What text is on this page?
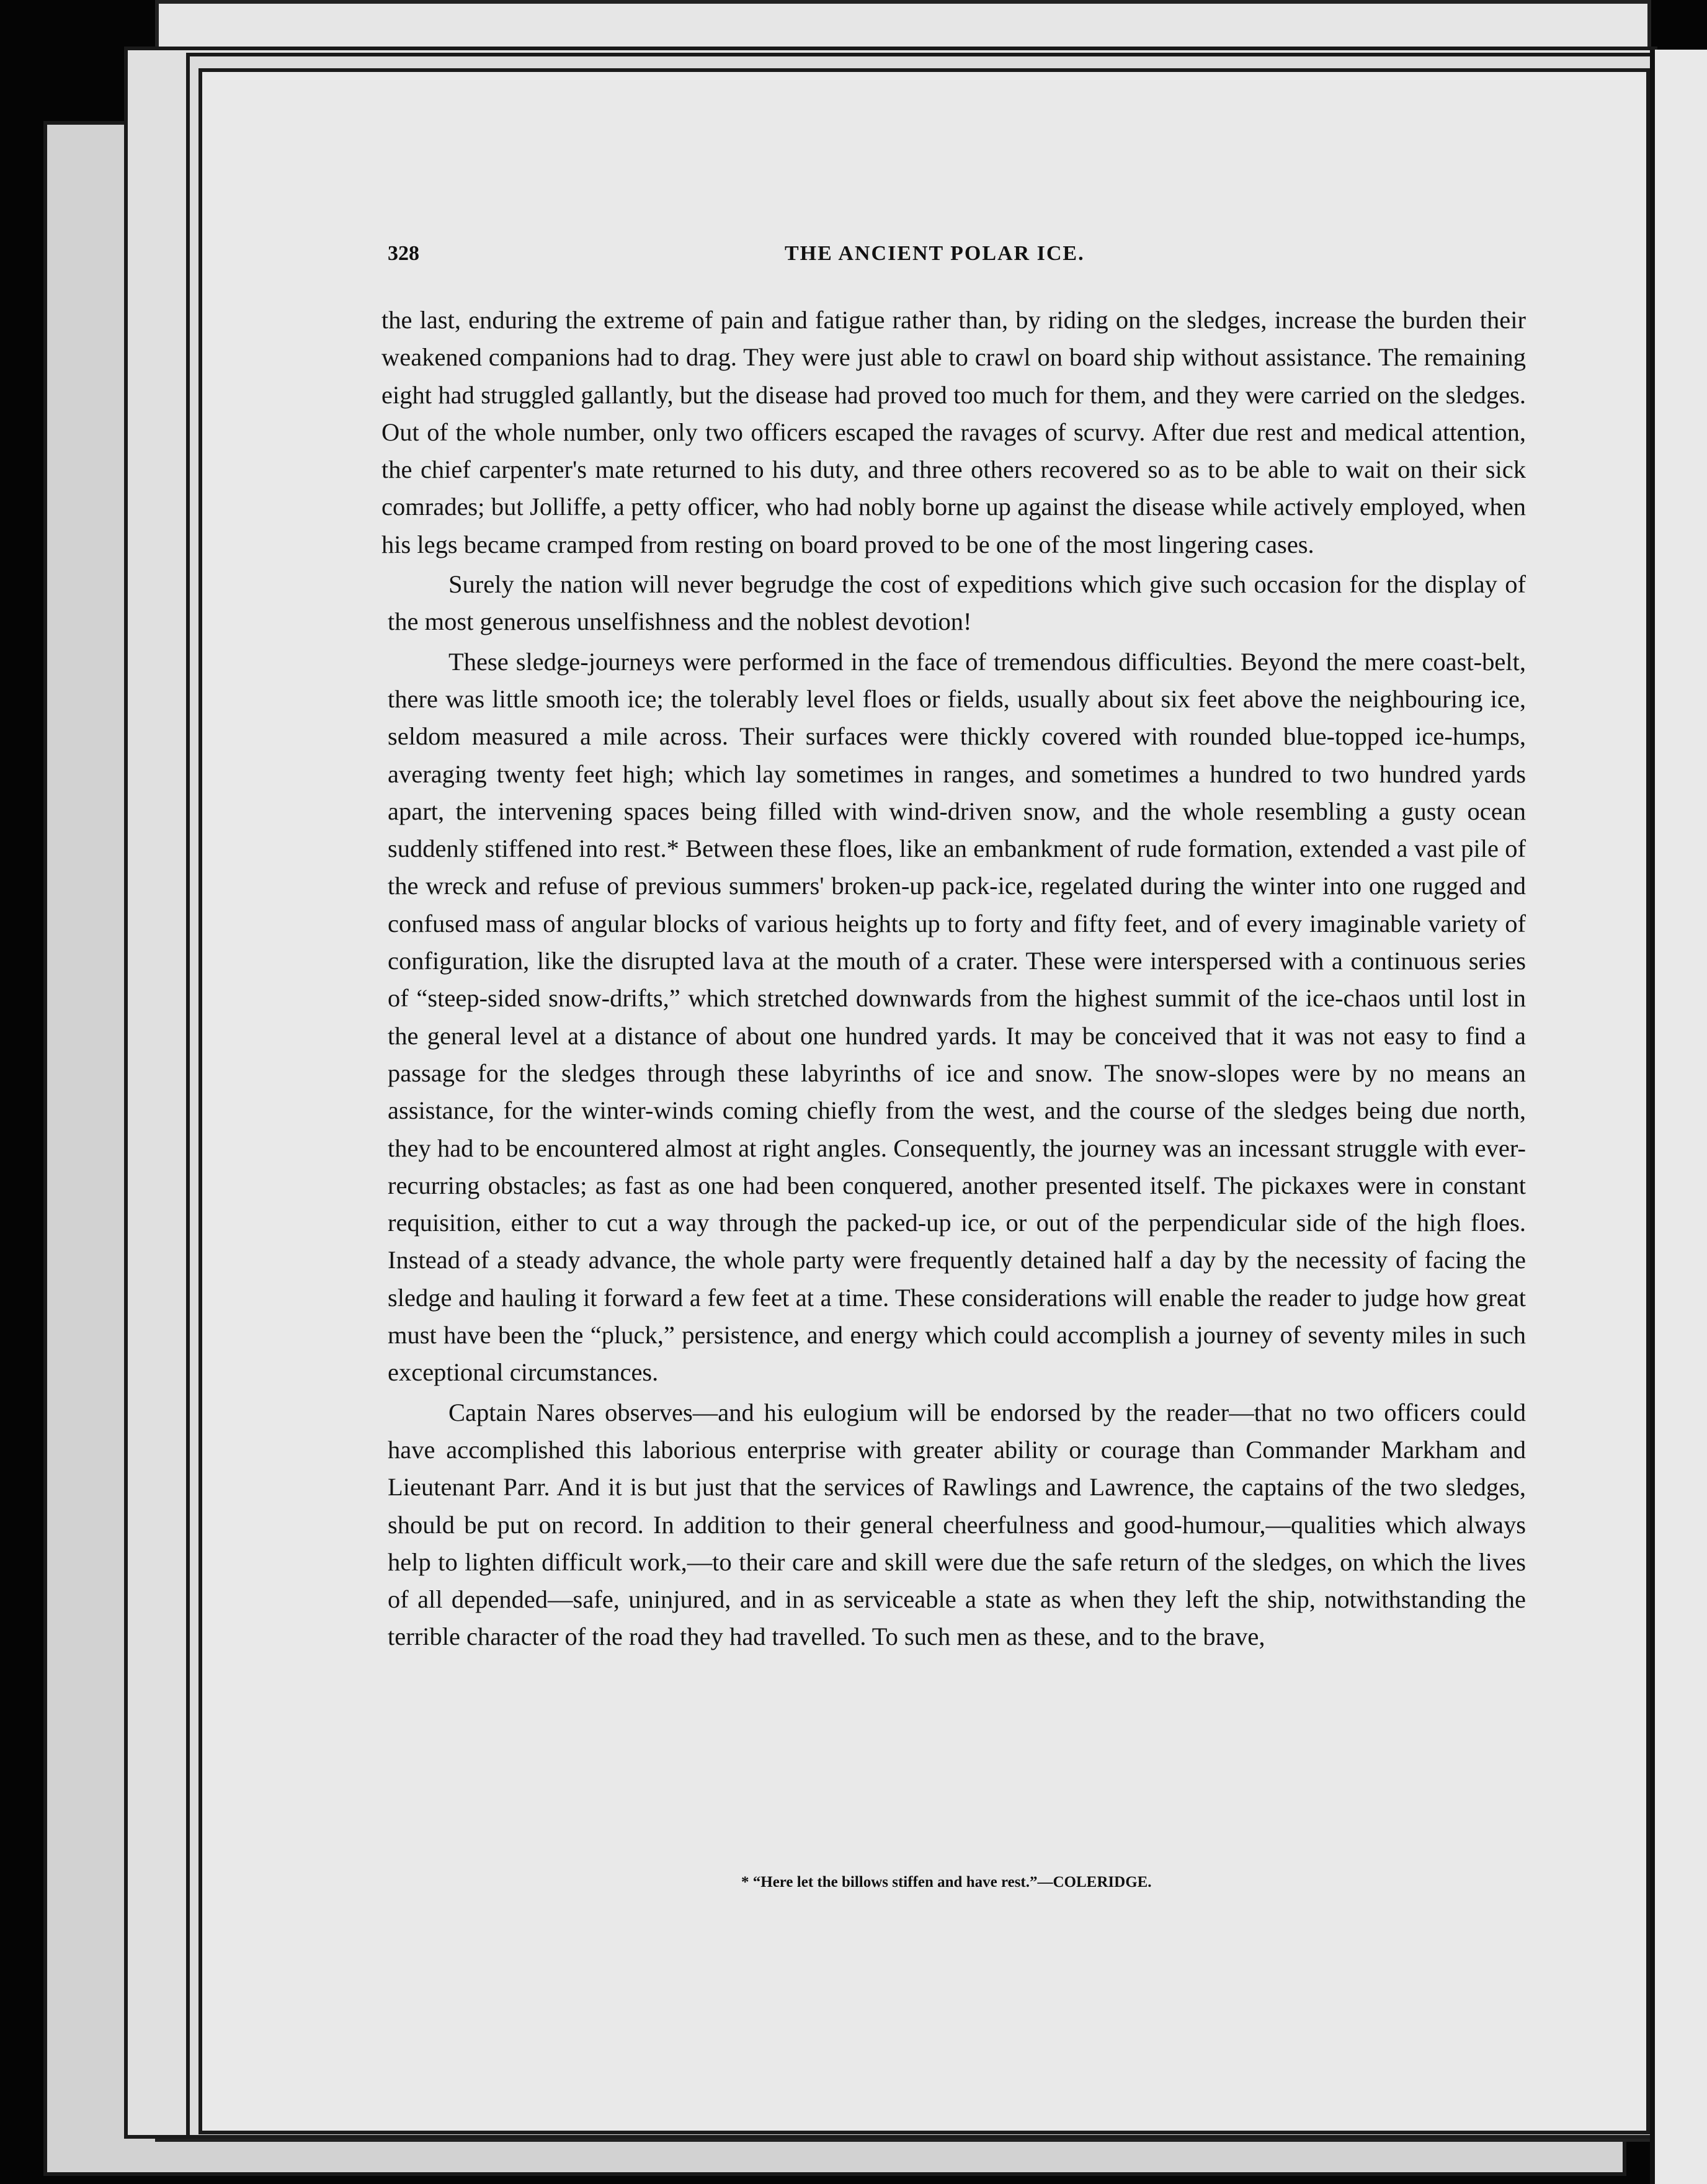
328	THE ANCIENT POLAR ICE.

the last, enduring the extreme of pain and fatigue rather than, by riding on the sledges, increase the burden their weakened companions had to drag. They were just able to crawl on board ship without assistance. The remaining eight had struggled gallantly, but the disease had proved too much for them, and they were carried on the sledges. Out of the whole number, only two officers escaped the ravages of scurvy. After due rest and medical attention, the chief carpenter's mate returned to his duty, and three others recovered so as to be able to wait on their sick comrades; but Jolliffe, a petty officer, who had nobly borne up against the disease while actively employed, when his legs became cramped from resting on board proved to be one of the most lingering cases.

Surely the nation will never begrudge the cost of expeditions which give such occasion for the display of the most generous unselfishness and the noblest devotion!

These sledge-journeys were performed in the face of tremendous difficulties. Beyond the mere coast-belt, there was little smooth ice; the tolerably level floes or fields, usually about six feet above the neighbouring ice, seldom measured a mile across. Their surfaces were thickly covered with rounded blue-topped ice-humps, averaging twenty feet high; which lay sometimes in ranges, and sometimes a hundred to two hundred yards apart, the intervening spaces being filled with wind-driven snow, and the whole resembling a gusty ocean suddenly stiffened into rest.* Between these floes, like an embankment of rude formation, extended a vast pile of the wreck and refuse of previous summers' broken-up pack-ice, regelated during the winter into one rugged and confused mass of angular blocks of various heights up to forty and fifty feet, and of every imaginable variety of configuration, like the disrupted lava at the mouth of a crater. These were interspersed with a continuous series of “steep-sided snow-drifts,” which stretched downwards from the highest summit of the ice-chaos until lost in the general level at a distance of about one hundred yards. It may be conceived that it was not easy to find a passage for the sledges through these labyrinths of ice and snow. The snow-slopes were by no means an assistance, for the winter-winds coming chiefly from the west, and the course of the sledges being due north, they had to be encountered almost at right angles. Consequently, the journey was an incessant struggle with ever-recurring obstacles; as fast as one had been conquered, another presented itself. The pickaxes were in constant requisition, either to cut a way through the packed-up ice, or out of the perpendicular side of the high floes. Instead of a steady advance, the whole party were frequently detained half a day by the necessity of facing the sledge and hauling it forward a few feet at a time. These considerations will enable the reader to judge how great must have been the “pluck,” persistence, and energy which could accomplish a journey of seventy miles in such exceptional circumstances.

Captain Nares observes—and his eulogium will be endorsed by the reader—that no two officers could have accomplished this laborious enterprise with greater ability or courage than Commander Markham and Lieutenant Parr. And it is but just that the services of Rawlings and Lawrence, the captains of the two sledges, should be put on record. In addition to their general cheerfulness and good-humour,—qualities which always help to lighten difficult work,—to their care and skill were due the safe return of the sledges, on which the lives of all depended—safe, uninjured, and in as serviceable a state as when they left the ship, notwithstanding the terrible character of the road they had travelled. To such men as these, and to the brave,

* “Here let the billows stiffen and have rest.”—COLERIDGE.
